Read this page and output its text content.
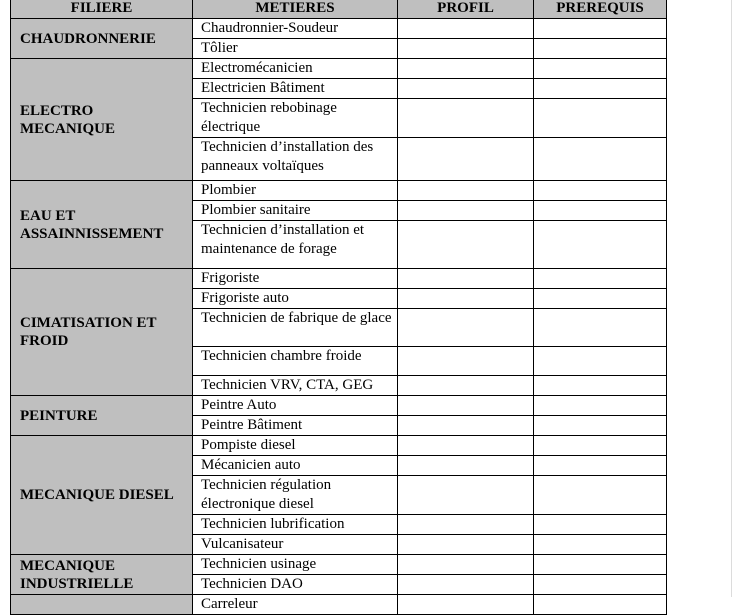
FILIERE	METIERES	PROFIL	PREREQUIS
CHAUDRONNERIE	Chaudronnier-Soudeur		
	Tôlier		
ELECTRO
MECANIQUE	Electromécanicien		
	Electricien Bâtiment		
	Technicien rebobinage électrique		
	Technicien d’installation des panneaux voltaïques		
EAU ET
ASSAINNISSEMENT	Plombier		
	Plombier sanitaire		
	Technicien d’installation et maintenance de forage		
CIMATISATION ET
FROID	Frigoriste		
	Frigoriste auto		
	Technicien de fabrique de glace		
	Technicien chambre froide		
	Technicien VRV, CTA, GEG		
PEINTURE	Peintre Auto		
	Peintre Bâtiment		
MECANIQUE DIESEL	Pompiste diesel		
	Mécanicien auto		
	Technicien régulation électronique diesel		
	Technicien lubrification		
	Vulcanisateur		
MECANIQUE
INDUSTRIELLE	Technicien usinage		
	Technicien DAO		
	Carreleur		
